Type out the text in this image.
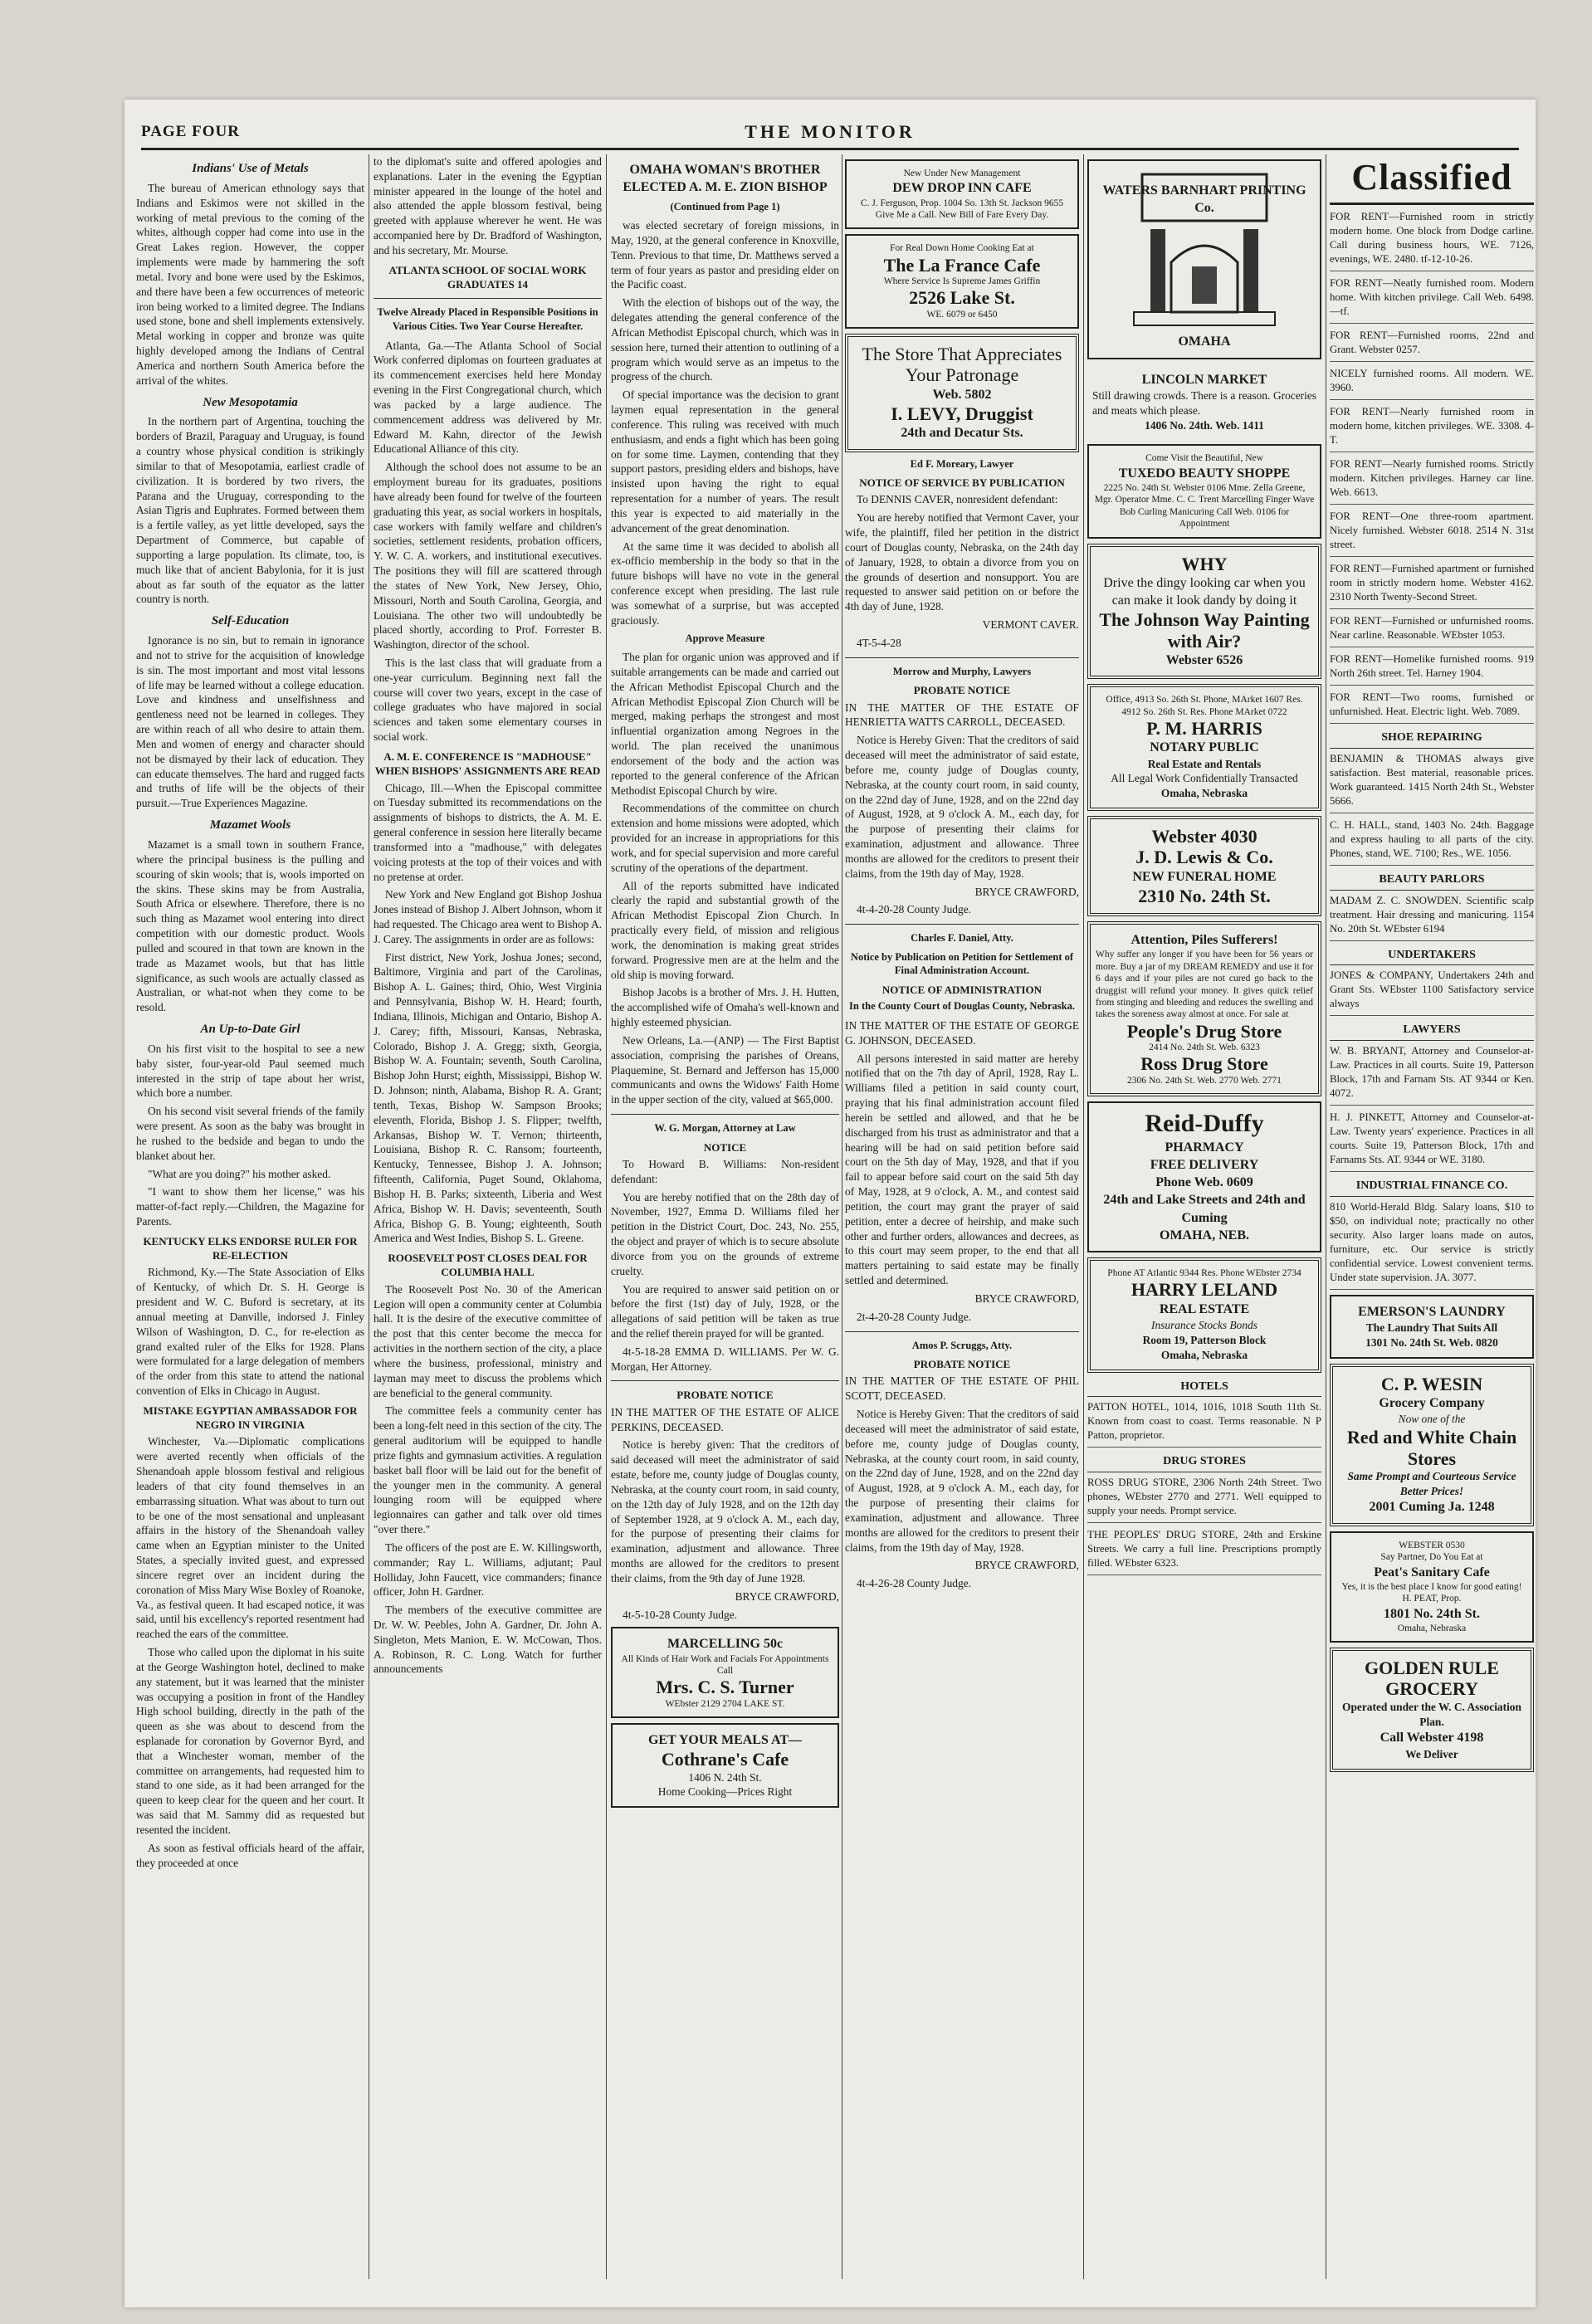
PAGE FOUR	THE MONITOR
Indians' Use of Metals

The bureau of American ethnology says that Indians and Eskimos were not skilled in the working of metal previous to the coming of the whites, although copper had come into use in the Great Lakes region. However, the copper implements were made by hammering the soft metal. Ivory and bone were used by the Eskimos, and there have been a few occurrences of meteoric iron being worked to a limited degree. The Indians used stone, bone and shell implements extensively. Metal working in copper and bronze was quite highly developed among the Indians of Central America and northern South America before the arrival of the whites.

New Mesopotamia

In the northern part of Argentina, touching the borders of Brazil, Paraguay and Uruguay, is found a country whose physical condition is strikingly similar to that of Mesopotamia, earliest cradle of civilization. It is bordered by two rivers, the Parana and the Uruguay, corresponding to the Asian Tigris and Euphrates. Formed between them is a fertile valley, as yet little developed, says the Department of Commerce, but capable of supporting a large population. Its climate, too, is much like that of ancient Babylonia, for it is just about as far south of the equator as the latter country is north.

Self-Education

Ignorance is no sin, but to remain in ignorance and not to strive for the acquisition of knowledge is sin. The most important and most vital lessons of life may be learned without a college education. Love and kindness and unselfishness and gentleness need not be learned in colleges. They are within reach of all who desire to attain them. Men and women of energy and character should not be dismayed by their lack of education. They can educate themselves. The hard and rugged facts and truths of life will be the objects of their pursuit.—True Experiences Magazine.

Mazamet Wools

Mazamet is a small town in southern France, where the principal business is the pulling and scouring of skin wools; that is, wools imported on the skins. These skins may be from Australia, South Africa or elsewhere. Therefore, there is no such thing as Mazamet wool entering into direct competition with our domestic product. Wools pulled and scoured in that town are known in the trade as Mazamet wools, but that has little significance, as such wools are actually classed as Australian, or what-not when they come to be resold.

An Up-to-Date Girl

On his first visit to the hospital to see a new baby sister, four-year-old Paul seemed much interested in the strip of tape about her wrist, which bore a number.

On his second visit several friends of the family were present. As soon as the baby was brought in he rushed to the bedside and began to undo the blanket about her.

"What are you doing?" his mother asked.

"I want to show them her license," was his matter-of-fact reply.—Children, the Magazine for Parents.

KENTUCKY ELKS ENDORSE RULER FOR RE-ELECTION

Richmond, Ky.—The State Association of Elks of Kentucky, of which Dr. S. H. George is president and W. C. Buford is secretary, at its annual meeting at Danville, indorsed J. Finley Wilson of Washington, D. C., for re-election as grand exalted ruler of the Elks for 1928. Plans were formulated for a large delegation of members of the order from this state to attend the national convention of Elks in Chicago in August.

MISTAKE EGYPTIAN AMBASSADOR FOR NEGRO IN VIRGINIA

Winchester, Va.—Diplomatic complications were averted recently when officials of the Shenandoah apple blossom festival and religious leaders of that city found themselves in an embarrassing situation. What was about to turn out to be one of the most sensational and unpleasant affairs in the history of the Shenandoah valley came when an Egyptian minister to the United States, a specially invited guest, and expressed sincere regret over an incident during the coronation of Miss Mary Wise Boxley of Roanoke, Va., as festival queen. It had escaped notice, it was said, until his excellency's reported resentment had reached the ears of the committee.

Those who called upon the diplomat in his suite at the George Washington hotel, declined to make any statement, but it was learned that the minister was occupying a position in front of the Handley High school building, directly in the path of the queen as she was about to descend from the esplanade for coronation by Governor Byrd, and that a Winchester woman, member of the committee on arrangements, had requested him to stand to one side, as it had been arranged for the queen to keep clear for the queen and her court. It was said that M. Sammy did as requested but resented the incident.

As soon as festival officials heard of the affair, they proceeded at once

to the diplomat's suite and offered apologies and explanations. Later in the evening the Egyptian minister appeared in the lounge of the hotel and also attended the apple blossom festival, being greeted with applause wherever he went. He was accompanied here by Dr. Bradford of Washington, and his secretary, Mr. Mourse.

ATLANTA SCHOOL OF SOCIAL WORK GRADUATES 14
Twelve Already Placed in Responsible Positions in Various Cities. Two Year Course Hereafter.

Atlanta, Ga.—The Atlanta School of Social Work conferred diplomas on fourteen graduates at its commencement exercises held here Monday evening in the First Congregational church, which was packed by a large audience. The commencement address was delivered by Mr. Edward M. Kahn, director of the Jewish Educational Alliance of this city.

Although the school does not assume to be an employment bureau for its graduates, positions have already been found for twelve of the fourteen graduating this year, as social workers in hospitals, case workers with family welfare and children's societies, settlement residents, probation officers, Y. W. C. A. workers, and institutional executives. The positions they will fill are scattered through the states of New York, New Jersey, Ohio, Missouri, North and South Carolina, Georgia, and Louisiana. The other two will undoubtedly be placed shortly, according to Prof. Forrester B. Washington, director of the school.

This is the last class that will graduate from a one-year curriculum. Beginning next fall the course will cover two years, except in the case of college graduates who have majored in social sciences and taken some elementary courses in social work.

A. M. E. CONFERENCE IS "MADHOUSE" WHEN BISHOPS' ASSIGNMENTS ARE READ

Chicago, Ill.—When the Episcopal committee on Tuesday submitted its recommendations on the assignments of bishops to districts, the A. M. E. general conference in session here literally became transformed into a "madhouse," with delegates voicing protests at the top of their voices and with no pretense at order.

New York and New England got Bishop Joshua Jones instead of Bishop J. Albert Johnson, whom it had requested. The Chicago area went to Bishop A. J. Carey. The assignments in order are as follows:

First district, New York, Joshua Jones; second, Baltimore, Virginia and part of the Carolinas, Bishop A. L. Gaines; third, Ohio, West Virginia and Pennsylvania, Bishop W. H. Heard; fourth, Indiana, Illinois, Michigan and Ontario, Bishop A. J. Carey; fifth, Missouri, Kansas, Nebraska, Colorado, Bishop J. A. Gregg; sixth, Georgia, Bishop W. A. Fountain; seventh, South Carolina, Bishop John Hurst; eighth, Mississippi, Bishop W. D. Johnson; ninth, Alabama, Bishop R. A. Grant; tenth, Texas, Bishop W. Sampson Brooks; eleventh, Florida, Bishop J. S. Flipper; twelfth, Arkansas, Bishop W. T. Vernon; thirteenth, Louisiana, Bishop R. C. Ransom; fourteenth, Kentucky, Tennessee, Bishop J. A. Johnson; fifteenth, California, Puget Sound, Oklahoma, Bishop H. B. Parks; sixteenth, Liberia and West Africa, Bishop W. H. Davis; seventeenth, South Africa, Bishop G. B. Young; eighteenth, South America and West Indies, Bishop S. L. Greene.

ROOSEVELT POST CLOSES DEAL FOR COLUMBIA HALL

The Roosevelt Post No. 30 of the American Legion will open a community center at Columbia hall. It is the desire of the executive committee of the post that this center become the mecca for activities in the northern section of the city, a place where the business, professional, ministry and layman may meet to discuss the problems which are beneficial to the general community.

The committee feels a community center has been a long-felt need in this section of the city. The general auditorium will be equipped to handle prize fights and gymnasium activities. A regulation basket ball floor will be laid out for the benefit of the younger men in the community. A general lounging room will be equipped where legionnaires can gather and talk over old times "over there."

The officers of the post are E. W. Killingsworth, commander; Ray L. Williams, adjutant; Paul Holliday, John Faucett, vice commanders; finance officer, John H. Gardner.

The members of the executive committee are Dr. W. W. Peebles, John A. Gardner, Dr. John A. Singleton, Mets Manion, E. W. McCowan, Thos. A. Robinson, R. C. Long. Watch for further announcements

OMAHA WOMAN'S BROTHER ELECTED A. M. E. ZION BISHOP
(Continued from Page 1)

was elected secretary of foreign missions, in May, 1920, at the general conference in Knoxville, Tenn. Previous to that time, Dr. Matthews served a term of four years as pastor and presiding elder on the Pacific coast.

With the election of bishops out of the way, the delegates attending the general conference of the African Methodist Episcopal church, which was in session here, turned their attention to outlining of a program which would serve as an impetus to the progress of the church.

Of special importance was the decision to grant laymen equal representation in the general conference. This ruling was received with much enthusiasm, and ends a fight which has been going on for some time. Laymen, contending that they support pastors, presiding elders and bishops, have insisted upon having the right to equal representation for a number of years. The result this year is expected to aid materially in the advancement of the great denomination.

At the same time it was decided to abolish all ex-officio membership in the body so that in the future bishops will have no vote in the general conference except when presiding. The last rule was somewhat of a surprise, but was accepted graciously.

Approve Measure

The plan for organic union was approved and if suitable arrangements can be made and carried out the African Methodist Episcopal Church and the African Methodist Episcopal Zion Church will be merged, making perhaps the strongest and most influential organization among Negroes in the world. The plan received the unanimous endorsement of the body and the action was reported to the general conference of the African Methodist Episcopal Church by wire.

Recommendations of the committee on church extension and home missions were adopted, which provided for an increase in appropriations for this work, and for special supervision and more careful scrutiny of the operations of the department.

All of the reports submitted have indicated clearly the rapid and substantial growth of the African Methodist Episcopal Zion Church. In practically every field, of mission and religious work, the denomination is making great strides forward. Progressive men are at the helm and the old ship is moving forward.

Bishop Jacobs is a brother of Mrs. J. H. Hutten, the accomplished wife of Omaha's well-known and highly esteemed physician.

New Orleans, La.—(ANP) — The First Baptist association, comprising the parishes of Oreans, Plaquemine, St. Bernard and Jefferson has 15,000 communicants and owns the Widows' Faith Home in the upper section of the city, valued at $65,000.

W. G. Morgan, Attorney at Law
NOTICE

To Howard B. Williams: Non-resident defendant:

You are hereby notified that on the 28th day of November, 1927, Emma D. Williams filed her petition in the District Court, Doc. 243, No. 255, the object and prayer of which is to secure absolute divorce from you on the grounds of extreme cruelty.

You are required to answer said petition on or before the first (1st) day of July, 1928, or the allegations of said petition will be taken as true and the relief therein prayed for will be granted.

4t-5-18-28 EMMA D. WILLIAMS. Per W. G. Morgan, Her Attorney.

PROBATE NOTICE

IN THE MATTER OF THE ESTATE OF ALICE PERKINS, DECEASED.

Notice is hereby given: That the creditors of said deceased will meet the administrator of said estate, before me, county judge of Douglas county, Nebraska, at the county court room, in said county, on the 12th day of July 1928, and on the 12th day of September 1928, at 9 o'clock A. M., each day, for the purpose of presenting their claims for examination, adjustment and allowance. Three months are allowed for the creditors to present their claims, from the 9th day of June 1928.

BRYCE CRAWFORD,

4t-5-10-28 County Judge.

MARCELLING 50c
All Kinds of Hair Work and Facials For Appointments Call
Mrs. C. S. Turner
WEbster 2129 2704 LAKE ST.
GET YOUR MEALS AT—
Cothrane's Cafe
1406 N. 24th St.
Home Cooking—Prices Right
New Under New Management
DEW DROP INN CAFE
C. J. Ferguson, Prop. 1004 So. 13th St. Jackson 9655 Give Me a Call. New Bill of Fare Every Day.
For Real Down Home Cooking Eat at
The La France Cafe
Where Service Is Supreme James Griffin
2526 Lake St.
WE. 6079 or 6450
The Store That Appreciates Your Patronage
Web. 5802
I. LEVY, Druggist
24th and Decatur Sts.
Ed F. Moreary, Lawyer
NOTICE OF SERVICE BY PUBLICATION

To DENNIS CAVER, nonresident defendant:

You are hereby notified that Vermont Caver, your wife, the plaintiff, filed her petition in the district court of Douglas county, Nebraska, on the 24th day of January, 1928, to obtain a divorce from you on the grounds of desertion and nonsupport. You are requested to answer said petition on or before the 4th day of June, 1928.

VERMONT CAVER.

4T-5-4-28

Morrow and Murphy, Lawyers
PROBATE NOTICE

IN THE MATTER OF THE ESTATE OF HENRIETTA WATTS CARROLL, DECEASED.

Notice is Hereby Given: That the creditors of said deceased will meet the administrator of said estate, before me, county judge of Douglas county, Nebraska, at the county court room, in said county, on the 22nd day of June, 1928, and on the 22nd day of August, 1928, at 9 o'clock A. M., each day, for the purpose of presenting their claims for examination, adjustment and allowance. Three months are allowed for the creditors to present their claims, from the 19th day of May, 1928.

BRYCE CRAWFORD,

4t-4-20-28 County Judge.

Charles F. Daniel, Atty.
Notice by Publication on Petition for Settlement of Final Administration Account.
NOTICE OF ADMINISTRATION
In the County Court of Douglas County, Nebraska.

IN THE MATTER OF THE ESTATE OF GEORGE G. JOHNSON, DECEASED.

All persons interested in said matter are hereby notified that on the 7th day of April, 1928, Ray L. Williams filed a petition in said county court, praying that his final administration account filed herein be settled and allowed, and that he be discharged from his trust as administrator and that a hearing will be had on said petition before said court on the 5th day of May, 1928, and that if you fail to appear before said court on the said 5th day of May, 1928, at 9 o'clock, A. M., and contest said petition, the court may grant the prayer of said petition, enter a decree of heirship, and make such other and further orders, allowances and decrees, as to this court may seem proper, to the end that all matters pertaining to said estate may be finally settled and determined.

BRYCE CRAWFORD,

2t-4-20-28 County Judge.

Amos P. Scruggs, Atty.
PROBATE NOTICE

IN THE MATTER OF THE ESTATE OF PHIL SCOTT, DECEASED.

Notice is Hereby Given: That the creditors of said deceased will meet the administrator of said estate, before me, county judge of Douglas county, Nebraska, at the county court room, in said county, on the 22nd day of June, 1928, and on the 22nd day of August, 1928, at 9 o'clock A. M., each day, for the purpose of presenting their claims for examination, adjustment and allowance. Three months are allowed for the creditors to present their claims, from the 19th day of May, 1928.

BRYCE CRAWFORD,

4t-4-26-28 County Judge.

WATERS BARNHART PRINTING Co.
OMAHA
LINCOLN MARKET
Still drawing crowds. There is a reason. Groceries and meats which please.
1406 No. 24th. Web. 1411
Come Visit the Beautiful, New
TUXEDO BEAUTY SHOPPE
2225 No. 24th St. Webster 0106 Mme. Zella Greene, Mgr. Operator Mme. C. C. Trent Marcelling Finger Wave Bob Curling Manicuring Call Web. 0106 for Appointment
WHY
Drive the dingy looking car when you can make it look dandy by doing it
The Johnson Way Painting with Air?
Webster 6526
Office, 4913 So. 26th St. Phone, MArket 1607 Res. 4912 So. 26th St. Res. Phone MArket 0722
P. M. HARRIS
NOTARY PUBLIC
Real Estate and Rentals
All Legal Work Confidentially Transacted
Omaha, Nebraska
Webster 4030
J. D. Lewis & Co.
NEW FUNERAL HOME
2310 No. 24th St.
Attention, Piles Sufferers!
Why suffer any longer if you have been for 56 years or more. Buy a jar of my DREAM REMEDY and use it for 6 days and if your piles are not cured go back to the druggist will refund your money. It gives quick relief from stinging and bleeding and reduces the swelling and takes the soreness away almost at once. For sale at
People's Drug Store
2414 No. 24th St. Web. 6323
Ross Drug Store
2306 No. 24th St. Web. 2770 Web. 2771
Reid-Duffy
PHARMACY
FREE DELIVERY
Phone Web. 0609
24th and Lake Streets and 24th and Cuming
OMAHA, NEB.
Phone AT Atlantic 9344 Res. Phone WEbster 2734
HARRY LELAND
REAL ESTATE
Insurance Stocks Bonds
Room 19, Patterson Block
Omaha, Nebraska
HOTELS

PATTON HOTEL, 1014, 1016, 1018 South 11th St. Known from coast to coast. Terms reasonable. N P Patton, proprietor.

DRUG STORES

ROSS DRUG STORE, 2306 North 24th Street. Two phones, WEbster 2770 and 2771. Well equipped to supply your needs. Prompt service.

THE PEOPLES' DRUG STORE, 24th and Erskine Streets. We carry a full line. Prescriptions promptly filled. WEbster 6323.

Classified

FOR RENT—Furnished room in strictly modern home. One block from Dodge carline. Call during business hours, WE. 7126, evenings, WE. 2480. tf-12-10-26.

FOR RENT—Neatly furnished room. Modern home. With kitchen privilege. Call Web. 6498. —tf.

FOR RENT—Furnished rooms, 22nd and Grant. Webster 0257.

NICELY furnished rooms. All modern. WE. 3960.

FOR RENT—Nearly furnished room in modern home, kitchen privileges. WE. 3308. 4-T.

FOR RENT—Nearly furnished rooms. Strictly modern. Kitchen privileges. Harney car line. Web. 6613.

FOR RENT—One three-room apartment. Nicely furnished. Webster 6018. 2514 N. 31st street.

FOR RENT—Furnished apartment or furnished room in strictly modern home. Webster 4162. 2310 North Twenty-Second Street.

FOR RENT—Furnished or unfurnished rooms. Near carline. Reasonable. WEbster 1053.

FOR RENT—Homelike furnished rooms. 919 North 26th street. Tel. Harney 1904.

FOR RENT—Two rooms, furnished or unfurnished. Heat. Electric light. Web. 7089.

SHOE REPAIRING

BENJAMIN & THOMAS always give satisfaction. Best material, reasonable prices. Work guaranteed. 1415 North 24th St., Webster 5666.

C. H. HALL, stand, 1403 No. 24th. Baggage and express hauling to all parts of the city. Phones, stand, WE. 7100; Res., WE. 1056.

BEAUTY PARLORS

MADAM Z. C. SNOWDEN. Scientific scalp treatment. Hair dressing and manicuring. 1154 No. 20th St. WEbster 6194

UNDERTAKERS

JONES & COMPANY, Undertakers 24th and Grant Sts. WEbster 1100 Satisfactory service always

LAWYERS

W. B. BRYANT, Attorney and Counselor-at-Law. Practices in all courts. Suite 19, Patterson Block, 17th and Farnam Sts. AT 9344 or Ken. 4072.

H. J. PINKETT, Attorney and Counselor-at-Law. Twenty years' experience. Practices in all courts. Suite 19, Patterson Block, 17th and Farnams Sts. AT. 9344 or WE. 3180.

INDUSTRIAL FINANCE CO.

810 World-Herald Bldg. Salary loans, $10 to $50, on individual note; practically no other security. Also larger loans made on autos, furniture, etc. Our service is strictly confidential service. Lowest convenient terms. Under state supervision. JA. 3077.

EMERSON'S LAUNDRY
The Laundry That Suits All
1301 No. 24th St. Web. 0820
C. P. WESIN
Grocery Company
Now one of the
Red and White Chain Stores
Same Prompt and Courteous Service Better Prices!
2001 Cuming Ja. 1248
WEBSTER 0530
Say Partner, Do You Eat at
Peat's Sanitary Cafe
Yes, it is the best place I know for good eating! H. PEAT, Prop.
1801 No. 24th St.
Omaha, Nebraska
GOLDEN RULE GROCERY
Operated under the W. C. Association Plan.
Call Webster 4198
We Deliver
